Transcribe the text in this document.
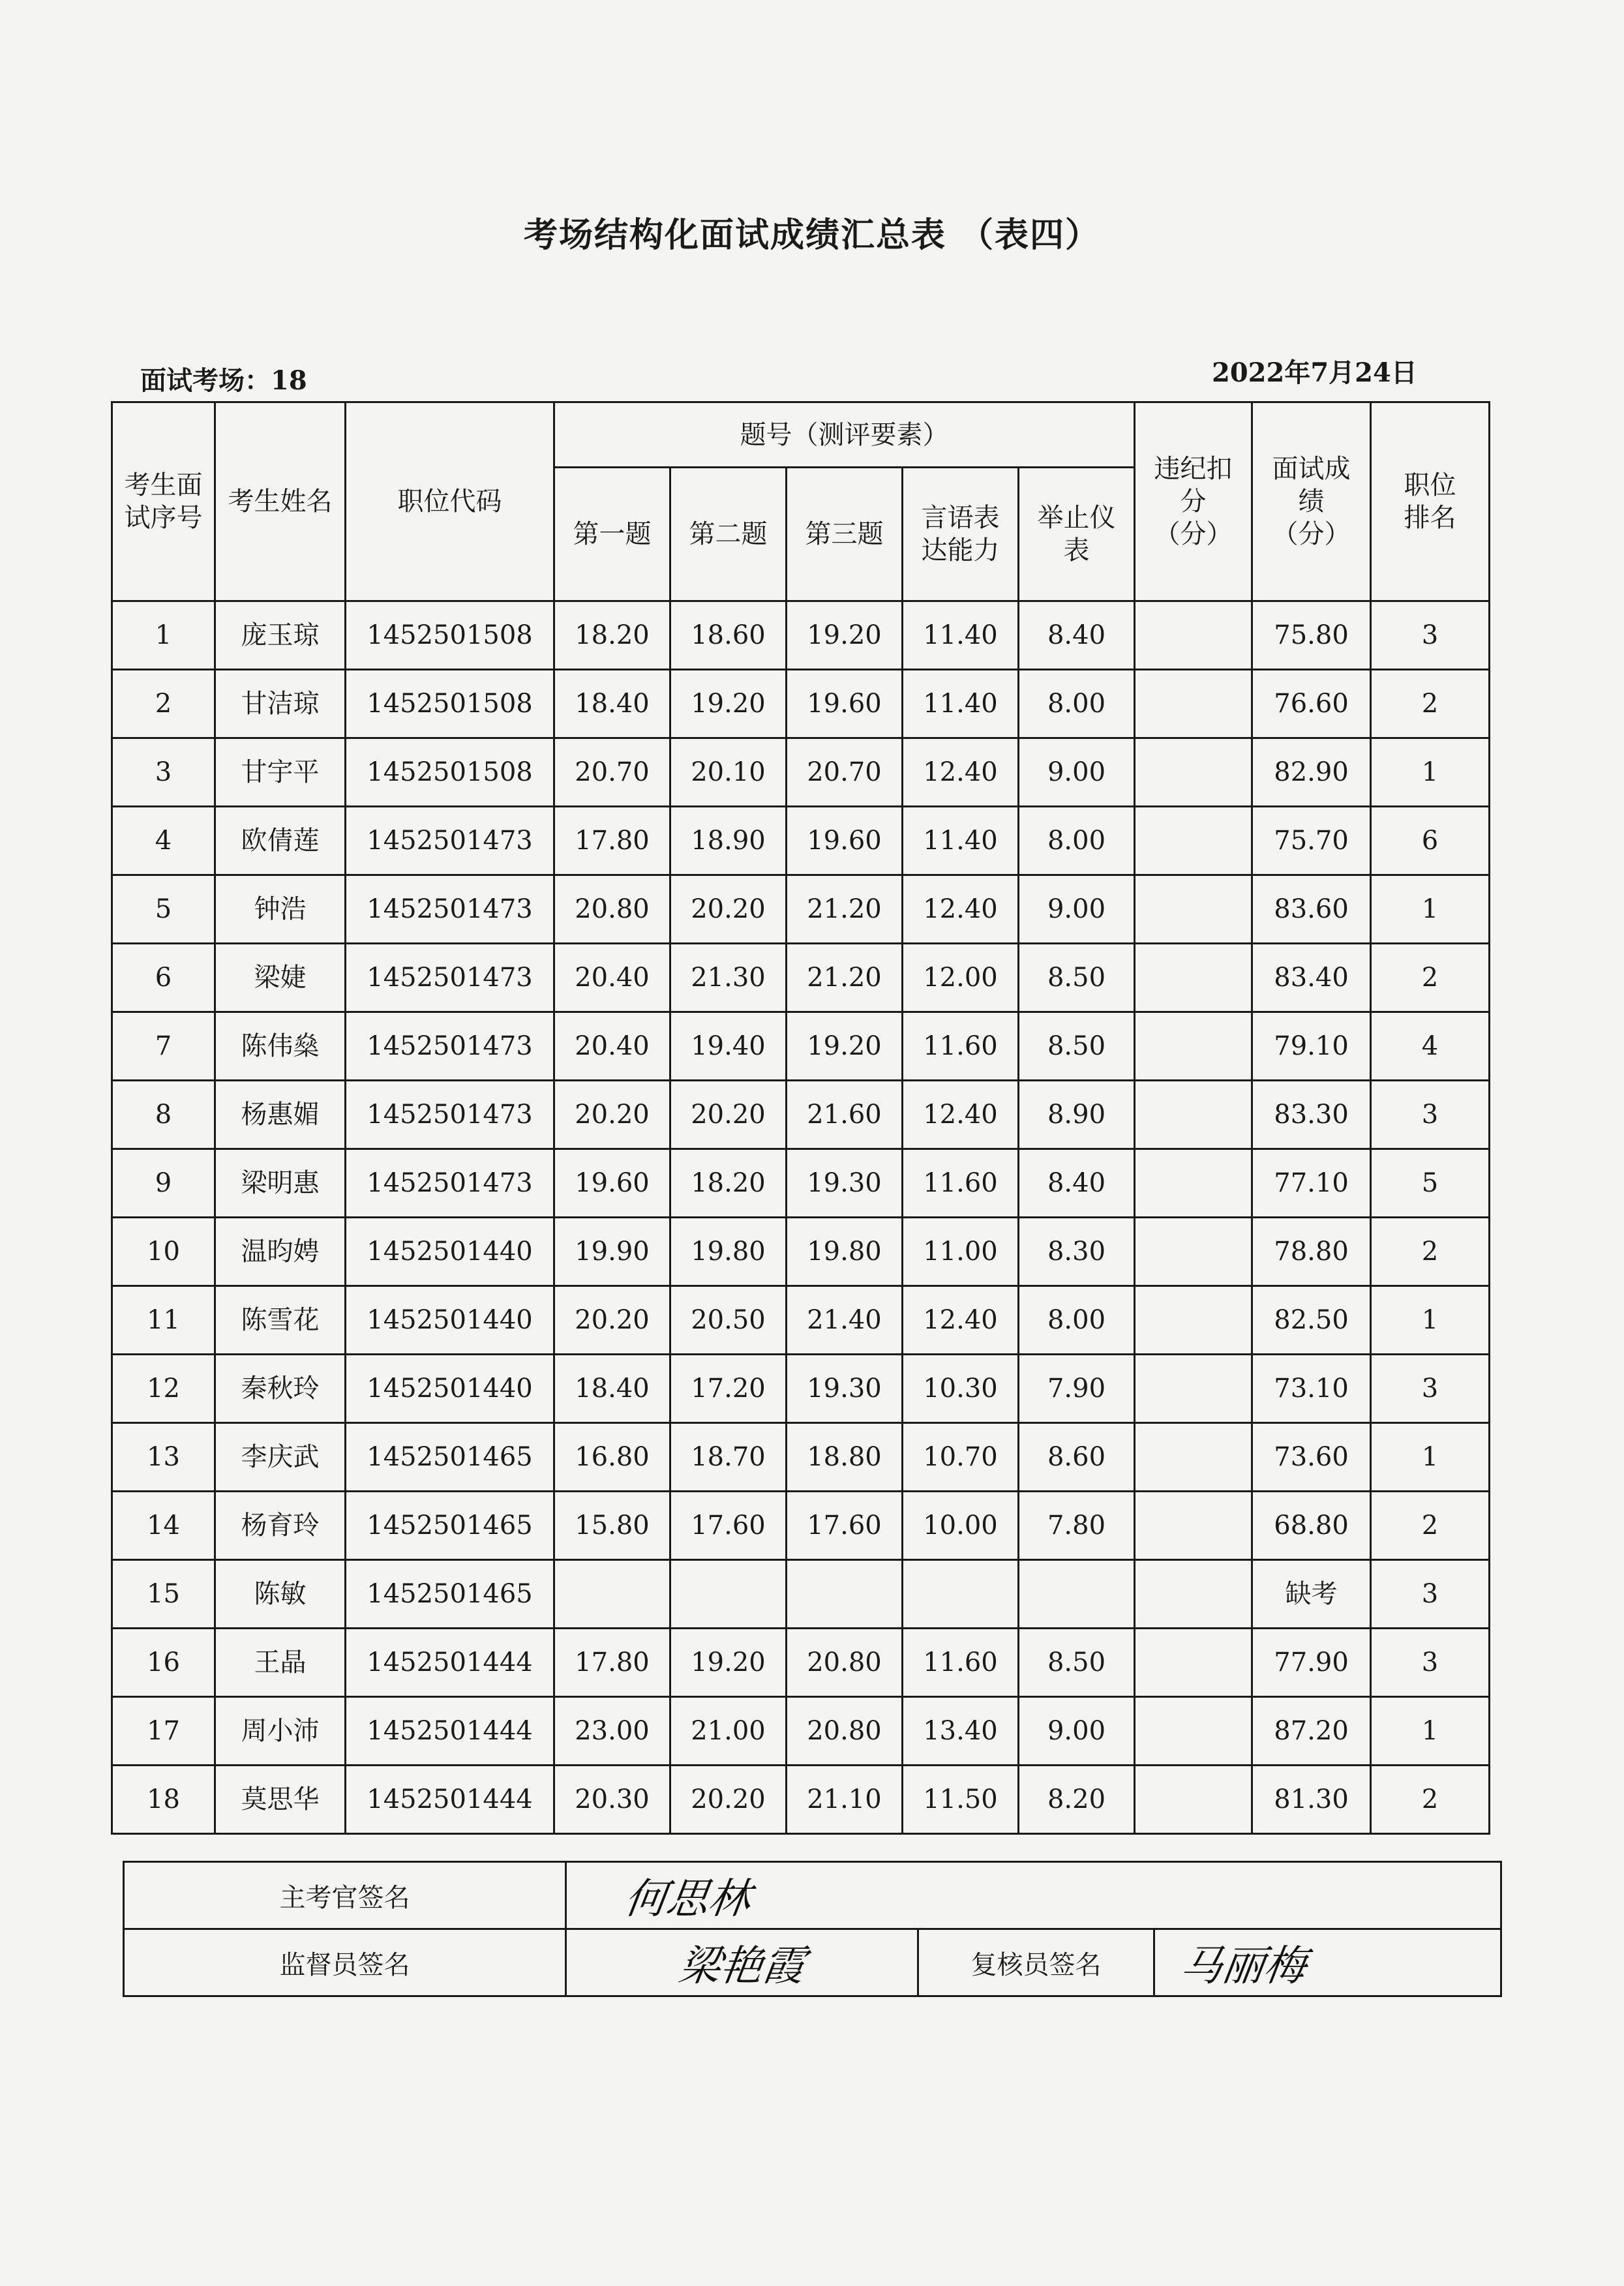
考场结构化面试成绩汇总表 （表四）
面试考场：18	2022年7月24日
考生面试序号	考生姓名	职位代码	题号（测评要素）					违纪扣分（分）	面试成绩（分）	职位排名
			第一题	第二题	第三题	言语表达能力	举止仪表			
1	庞玉琼	1452501508	18.20	18.60	19.20	11.40	8.40		75.80	3
2	甘洁琼	1452501508	18.40	19.20	19.60	11.40	8.00		76.60	2
3	甘宇平	1452501508	20.70	20.10	20.70	12.40	9.00		82.90	1
4	欧倩莲	1452501473	17.80	18.90	19.60	11.40	8.00		75.70	6
5	钟浩	1452501473	20.80	20.20	21.20	12.40	9.00		83.60	1
6	梁婕	1452501473	20.40	21.30	21.20	12.00	8.50		83.40	2
7	陈伟燊	1452501473	20.40	19.40	19.20	11.60	8.50		79.10	4
8	杨惠媚	1452501473	20.20	20.20	21.60	12.40	8.90		83.30	3
9	梁明惠	1452501473	19.60	18.20	19.30	11.60	8.40		77.10	5
10	温昀娉	1452501440	19.90	19.80	19.80	11.00	8.30		78.80	2
11	陈雪花	1452501440	20.20	20.50	21.40	12.40	8.00		82.50	1
12	秦秋玲	1452501440	18.40	17.20	19.30	10.30	7.90		73.10	3
13	李庆武	1452501465	16.80	18.70	18.80	10.70	8.60		73.60	1
14	杨育玲	1452501465	15.80	17.60	17.60	10.00	7.80		68.80	2
15	陈敏	1452501465							缺考	3
16	王晶	1452501444	17.80	19.20	20.80	11.60	8.50		77.90	3
17	周小沛	1452501444	23.00	21.00	20.80	13.40	9.00		87.20	1
18	莫思华	1452501444	20.30	20.20	21.10	11.50	8.20		81.30	2
主考官签名	何思林		
监督员签名	梁艳霞	复核员签名	马丽梅
